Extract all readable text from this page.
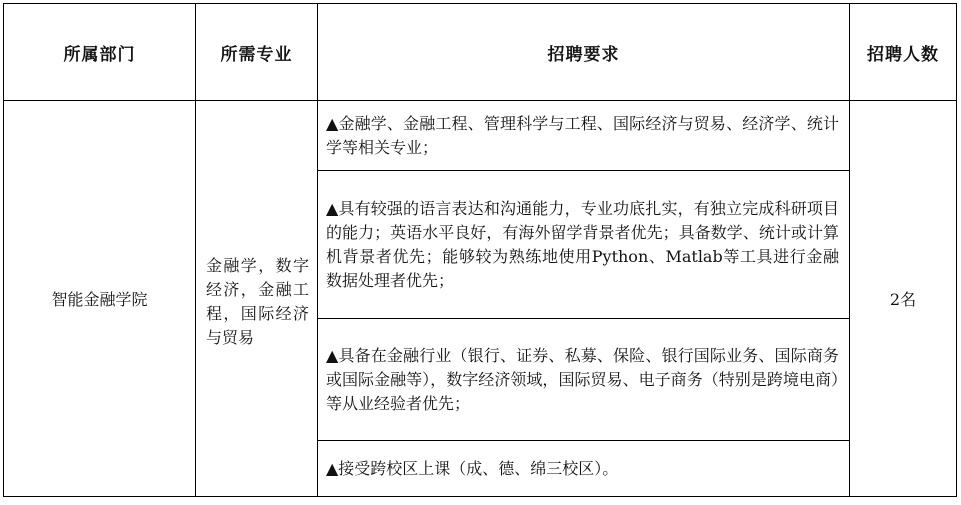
所属部门	所需专业	招聘要求	招聘人数
智能金融学院	金融学，数字经济，金融工程，国际经济与贸易	▲金融学、金融工程、管理科学与工程、国际经济与贸易、经济学、统计学等相关专业；	2名
		▲具有较强的语言表达和沟通能力，专业功底扎实，有独立完成科研项目的能力；英语水平良好，有海外留学背景者优先；具备数学、统计或计算机背景者优先；能够较为熟练地使用Python、Matlab等工具进行金融数据处理者优先；	
		▲具备在金融行业（银行、证券、私募、保险、银行国际业务、国际商务或国际金融等），数字经济领域，国际贸易、电子商务（特别是跨境电商）等从业经验者优先；	
		▲接受跨校区上课（成、德、绵三校区）。	
